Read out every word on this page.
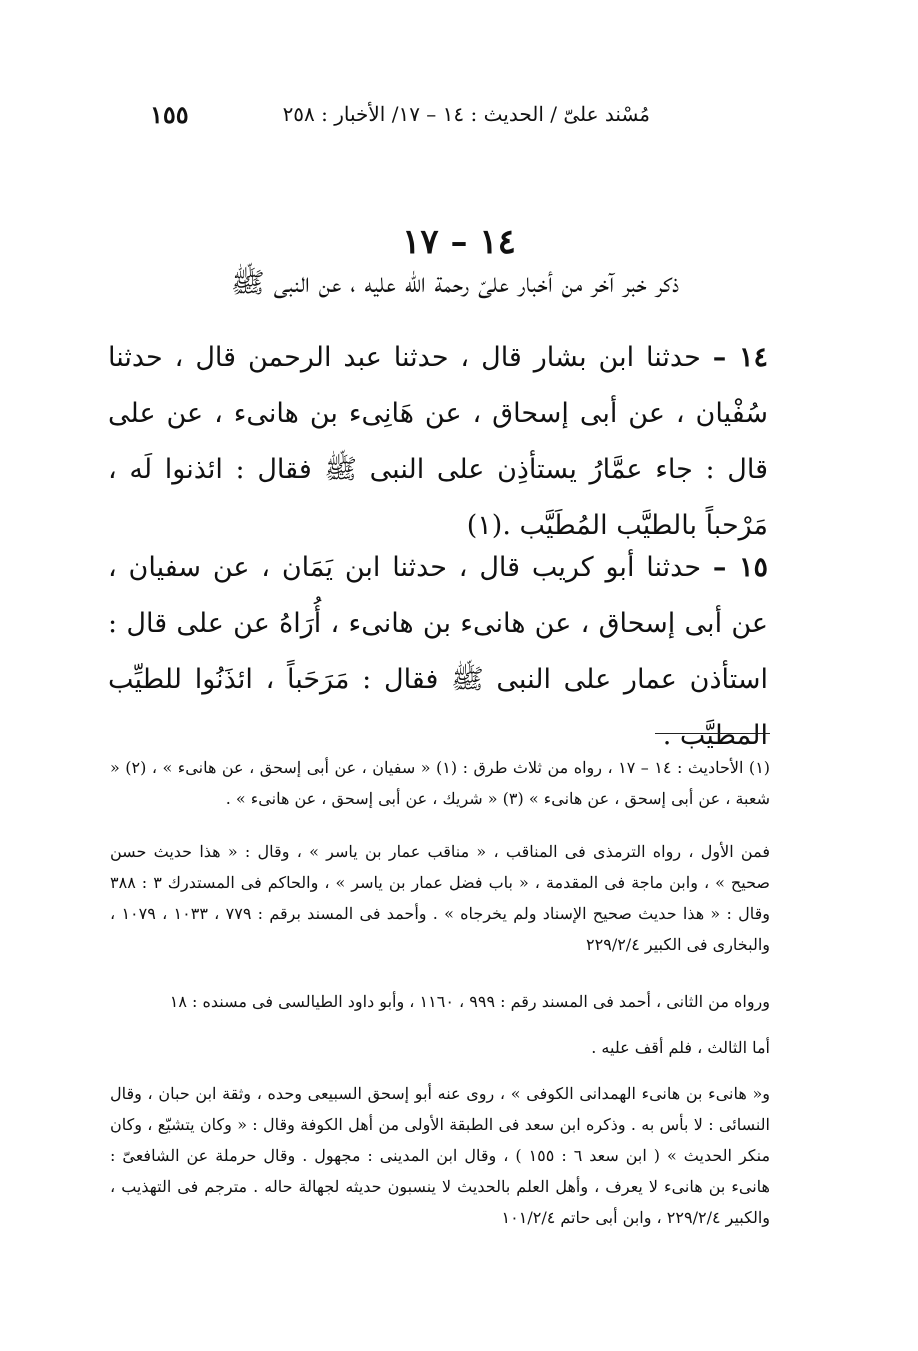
مُسْند علىّ / الحديث : ١٤ – ١٧/ الأخبار : ٢٥٨
١٥٥
١٤ – ١٧
ذكر خبر آخر من أخبار علىّ رحمة الله عليه ، عن النبى ﷺ
١٤ – حدثنا ابن بشار قال ، حدثنا عبد الرحمن قال ، حدثنا سُفْيان ، عن أبى إسحاق ، عن هَانِىء بن هانىء ، عن على قال : جاء عمَّارُ يستأذِن على النبى ﷺ فقال : ائذنوا لَه ، مَرْحباً بالطيَّب المُطَيَّب .(١)
١٥ – حدثنا أبو كريب قال ، حدثنا ابن يَمَان ، عن سفيان ، عن أبى إسحاق ، عن هانىء بن هانىء ، أُرَاهُ عن على قال : استأذن عمار على النبى ﷺ فقال : مَرَحَباً ، ائذَنُوا للطيِّب المطيَّب .
(١) الأحاديث : ١٤ – ١٧ ، رواه من ثلاث طرق : (١) « سفيان ، عن أبى إسحق ، عن هانىء » ، (٢) « شعبة ، عن أبى إسحق ، عن هانىء » (٣) « شريك ، عن أبى إسحق ، عن هانىء » .
فمن الأول ، رواه الترمذى فى المناقب ، « مناقب عمار بن ياسر » ، وقال : « هذا حديث حسن صحيح » ، وابن ماجة فى المقدمة ، « باب فضل عمار بن ياسر » ، والحاكم فى المستدرك ٣ : ٣٨٨ وقال : « هذا حديث صحيح الإسناد ولم يخرجاه » . وأحمد فى المسند برقم : ٧٧٩ ، ١٠٣٣ ، ١٠٧٩ ، والبخارى فى الكبير ٢٢٩/٢/٤
ورواه من الثانى ، أحمد فى المسند رقم : ٩٩٩ ، ١١٦٠ ، وأبو داود الطيالسى فى مسنده : ١٨
أما الثالث ، فلم أقف عليه .
و« هانىء بن هانىء الهمدانى الكوفى » ، روى عنه أبو إسحق السبيعى وحده ، وثقة ابن حبان ، وقال النسائى : لا بأس به . وذكره ابن سعد فى الطبقة الأولى من أهل الكوفة وقال : « وكان يتشيّع ، وكان منكر الحديث » ( ابن سعد ٦ : ١٥٥ ) ، وقال ابن المدينى : مجهول . وقال حرملة عن الشافعىّ : هانىء بن هانىء لا يعرف ، وأهل العلم بالحديث لا ينسبون حديثه لجهالة حاله . مترجم فى التهذيب ، والكبير ٢٢٩/٢/٤ ، وابن أبى حاتم ١٠١/٢/٤
